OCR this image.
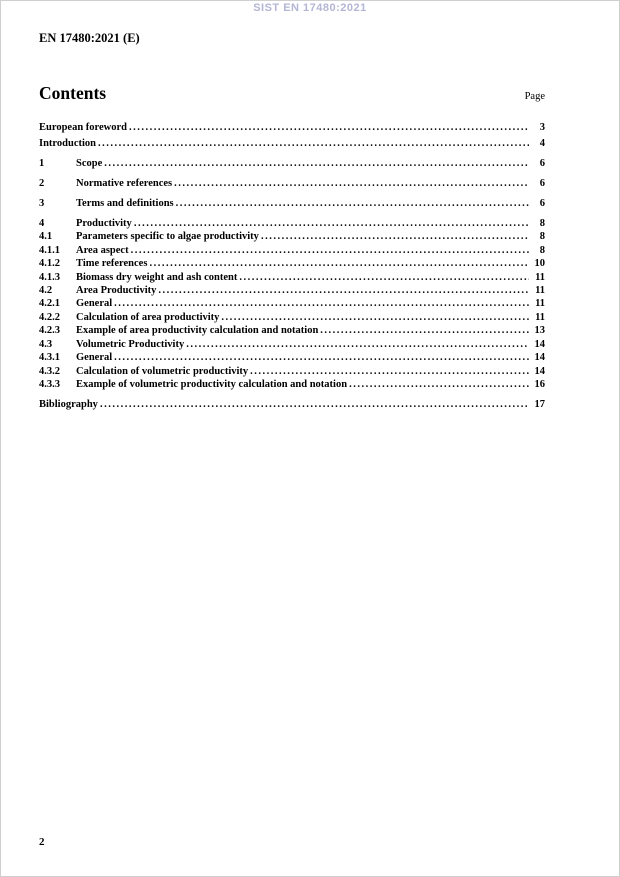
SIST EN 17480:2021
EN 17480:2021 (E)
Contents	Page
European foreword .....	3
Introduction .....	4
1	Scope .....	6
2	Normative references .....	6
3	Terms and definitions .....	6
4	Productivity .....	8
4.1	Parameters specific to algae productivity .....	8
4.1.1	Area aspect .....	8
4.1.2	Time references .....	10
4.1.3	Biomass dry weight and ash content .....	11
4.2	Area Productivity .....	11
4.2.1	General .....	11
4.2.2	Calculation of area productivity .....	11
4.2.3	Example of area productivity calculation and notation .....	13
4.3	Volumetric Productivity .....	14
4.3.1	General .....	14
4.3.2	Calculation of volumetric productivity .....	14
4.3.3	Example of volumetric productivity calculation and notation .....	16
Bibliography .....	17
2
